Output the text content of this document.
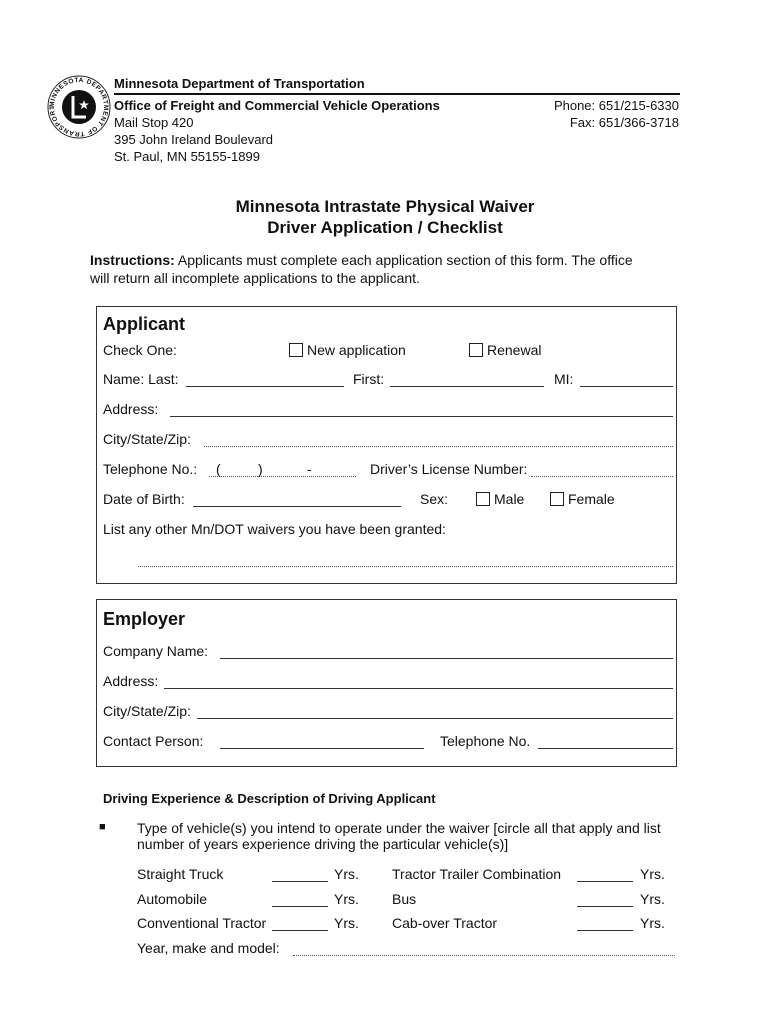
MINNESOTA DEPARTMENT OF TRANSPORT
Minnesota Department of Transportation
Office of Freight and Commercial Vehicle Operations
Mail Stop 420
395 John Ireland Boulevard
St. Paul, MN 55155-1899
Phone: 651/215-6330
Fax: 651/366-3718
Minnesota Intrastate Physical Waiver
Driver Application / Checklist
Instructions: Applicants must complete each application section of this form. The office
will return all incomplete applications to the applicant.
Applicant
Check One:	New application	Renewal
Name: Last:	First:	MI:
Address:
City/State/Zip:
Telephone No.: (	)	-	Driver’s License Number:
Date of Birth:	Sex:	Male	Female
List any other Mn/DOT waivers you have been granted:
Employer
Company Name:
Address:
City/State/Zip:
Contact Person:	Telephone No.
Driving Experience & Description of Driving Applicant
■ Type of vehicle(s) you intend to operate under the waiver [circle all that apply and list
number of years experience driving the particular vehicle(s)]
Straight Truck	Yrs. Tractor Trailer Combination	Yrs.
Automobile	Yrs. Bus	Yrs.
Conventional Tractor	Yrs. Cab-over Tractor	Yrs.
Year, make and model:
